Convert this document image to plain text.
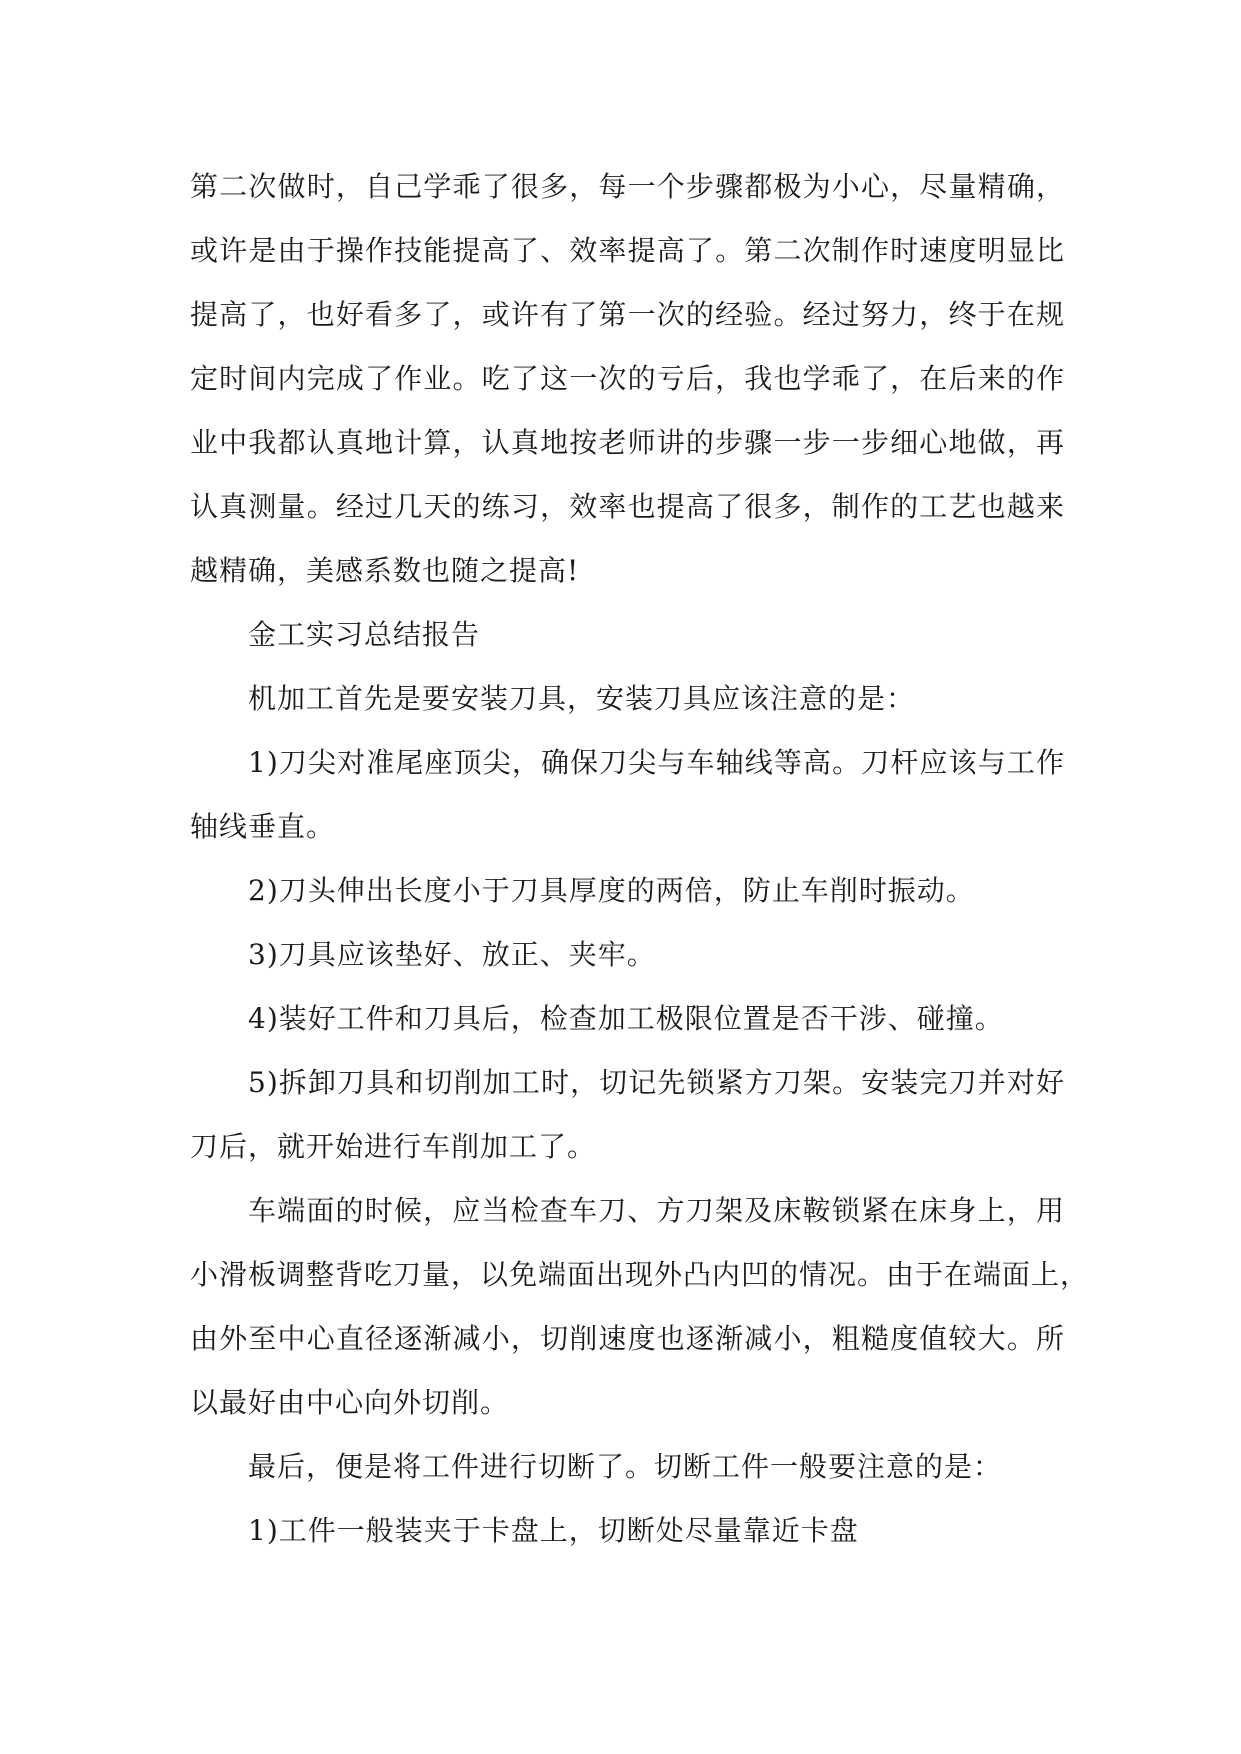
第二次做时，自己学乖了很多，每一个步骤都极为小心，尽量精确，
或许是由于操作技能提高了、效率提高了。第二次制作时速度明显比
提高了，也好看多了，或许有了第一次的经验。经过努力，终于在规
定时间内完成了作业。吃了这一次的亏后，我也学乖了，在后来的作
业中我都认真地计算，认真地按老师讲的步骤一步一步细心地做，再
认真测量。经过几天的练习，效率也提高了很多，制作的工艺也越来
越精确，美感系数也随之提高!
金工实习总结报告
机加工首先是要安装刀具，安装刀具应该注意的是：
1)刀尖对准尾座顶尖，确保刀尖与车轴线等高。刀杆应该与工作
轴线垂直。
2)刀头伸出长度小于刀具厚度的两倍，防止车削时振动。
3)刀具应该垫好、放正、夹牢。
4)装好工件和刀具后，检查加工极限位置是否干涉、碰撞。
5)拆卸刀具和切削加工时，切记先锁紧方刀架。安装完刀并对好
刀后，就开始进行车削加工了。
车端面的时候，应当检查车刀、方刀架及床鞍锁紧在床身上，用
小滑板调整背吃刀量，以免端面出现外凸内凹的情况。由于在端面上，
由外至中心直径逐渐减小，切削速度也逐渐减小，粗糙度值较大。所
以最好由中心向外切削。
最后，便是将工件进行切断了。切断工件一般要注意的是：
1)工件一般装夹于卡盘上，切断处尽量靠近卡盘
